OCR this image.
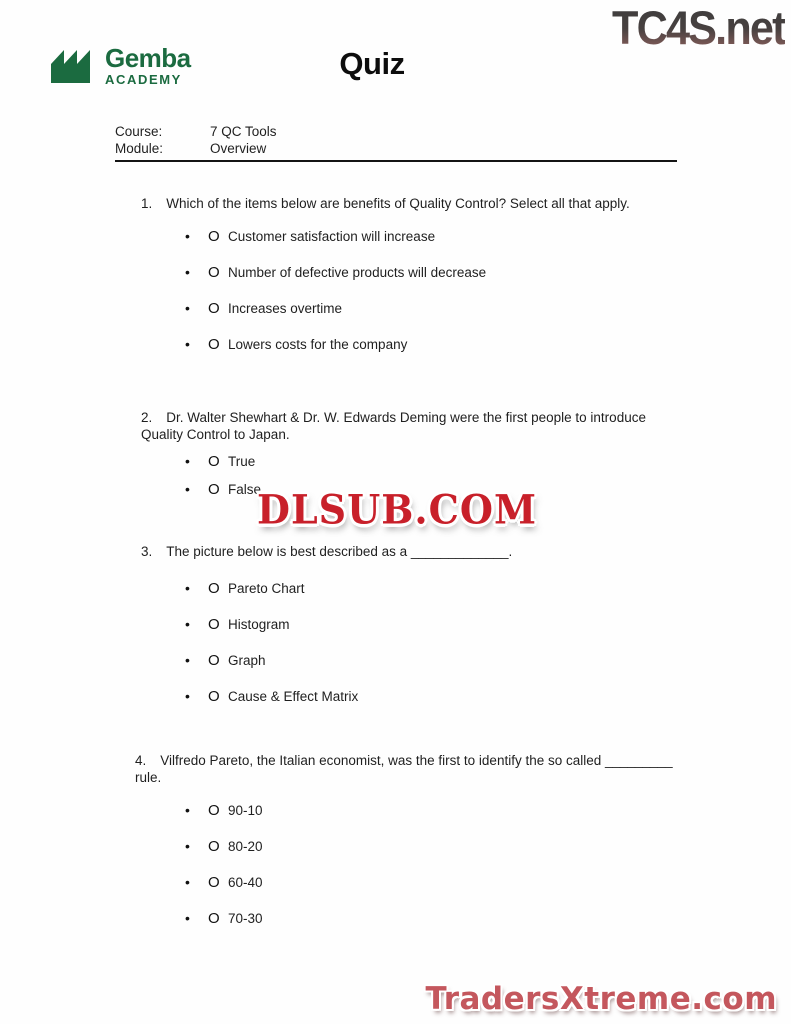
TC4S.net
Gemba
ACADEMY	Quiz
Course:	7 QC Tools
Module:	Overview

1. Which of the items below are benefits of Quality Control? Select all that apply.

•	O Customer satisfaction will increase
•	O Number of defective products will decrease
•	O Increases overtime
•	O Lowers costs for the company

2. Dr. Walter Shewhart & Dr. W. Edwards Deming were the first people to introduce Quality Control to Japan.

•	O True
•	O False

3. The picture below is best described as a _____________.

•	O Pareto Chart
•	O Histogram
•	O Graph
•	O Cause & Effect Matrix

4. Vilfredo Pareto, the Italian economist, was the first to identify the so called _________ rule.

•	O 90-10
•	O 80-20
•	O 60-40
•	O 70-30
DLSUB.COM
TradersXtreme.com
